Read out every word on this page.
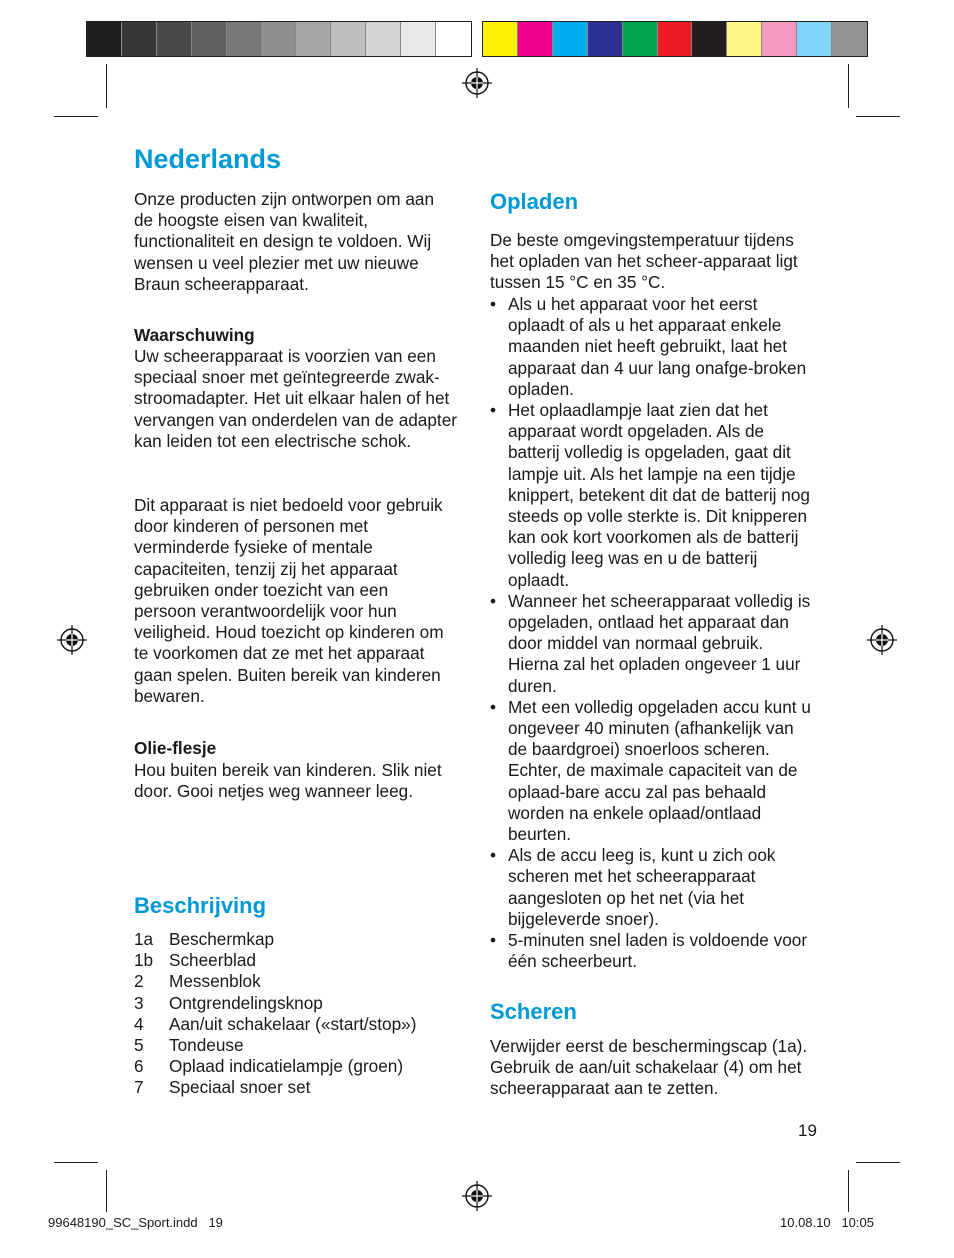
Nederlands

Onze producten zijn ontworpen om aan de hoogste eisen van kwaliteit, functionaliteit en design te voldoen. Wij wensen u veel plezier met uw nieuwe Braun scheerapparaat.

Waarschuwing

Uw scheerapparaat is voorzien van een speciaal snoer met geïntegreerde zwak-stroomadapter. Het uit elkaar halen of het vervangen van onderdelen van de adapter kan leiden tot een electrische schok.

Dit apparaat is niet bedoeld voor gebruik door kinderen of personen met verminderde fysieke of mentale capaciteiten, tenzij zij het apparaat gebruiken onder toezicht van een persoon verantwoordelijk voor hun veiligheid. Houd toezicht op kinderen om te voorkomen dat ze met het apparaat gaan spelen. Buiten bereik van kinderen bewaren.

Olie-flesje

Hou buiten bereik van kinderen. Slik niet door. Gooi netjes weg wanneer leeg.

Beschrijving
1a Beschermkap
1b Scheerblad
2	Messenblok
3	Ontgrendelingsknop
4	Aan/uit schakelaar («start/stop»)
5	Tondeuse
6	Oplaad indicatielampje (groen)
7	Speciaal snoer set
Opladen

De beste omgevingstemperatuur tijdens het opladen van het scheer-apparaat ligt tussen 15 °C en 35 °C.

• Als u het apparaat voor het eerst oplaadt of als u het apparaat enkele maanden niet heeft gebruikt, laat het apparaat dan 4 uur lang onafge-broken opladen.
• Het oplaadlampje laat zien dat het apparaat wordt opgeladen. Als de batterij volledig is opgeladen, gaat dit lampje uit. Als het lampje na een tijdje knippert, betekent dit dat de batterij nog steeds op volle sterkte is. Dit knipperen kan ook kort voorkomen als de batterij volledig leeg was en u de batterij oplaadt.
• Wanneer het scheerapparaat volledig is opgeladen, ontlaad het apparaat dan door middel van normaal gebruik. Hierna zal het opladen ongeveer 1 uur duren.
• Met een volledig opgeladen accu kunt u ongeveer 40 minuten (afhankelijk van de baardgroei) snoerloos scheren. Echter, de maximale capaciteit van de oplaad-bare accu zal pas behaald worden na enkele oplaad/ontlaad beurten.
• Als de accu leeg is, kunt u zich ook scheren met het scheerapparaat aangesloten op het net (via het bijgeleverde snoer).
• 5-minuten snel laden is voldoende voor één scheerbeurt.
Scheren

Verwijder eerst de beschermingscap (1a). Gebruik de aan/uit schakelaar (4) om het scheerapparaat aan te zetten.

19
99648190_SC_Sport.indd   19	10.08.10   10:05
